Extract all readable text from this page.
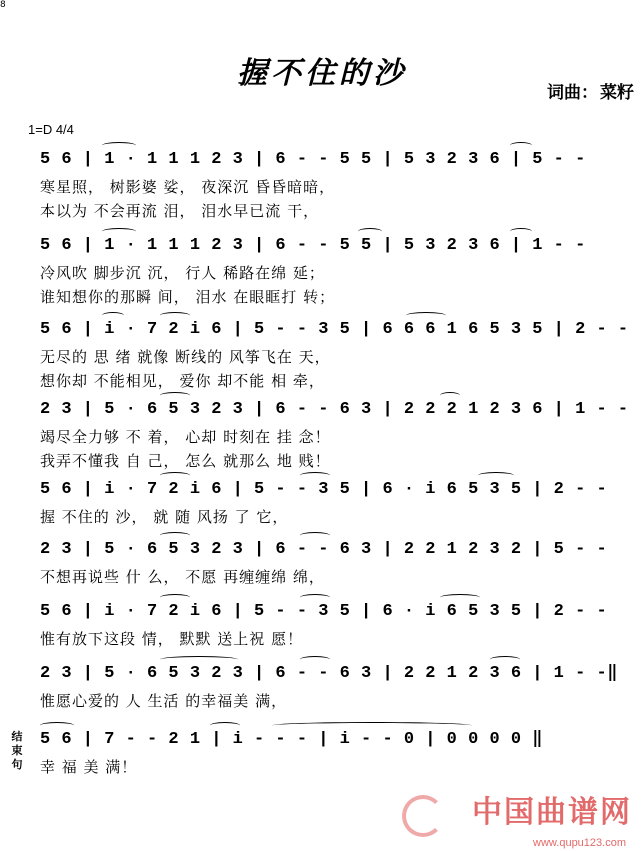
8
握不住的沙
词曲： 菜籽
1=D 4/4
5 6 | 1 · 1 1 1 2 3 | 6 - - 5 5 | 5 3 2 3 6 | 5 - -
寒星照， 树影婆 娑， 夜深沉 昏昏暗暗，
本以为 不会再流 泪， 泪水早已流 干，
5 6 | 1 · 1 1 1 2 3 | 6 - - 5 5 | 5 3 2 3 6 | 1 - -
冷风吹 脚步沉 沉， 行人 稀路在绵 延；
谁知想你的那瞬 间， 泪水 在眼眶打 转；
5 6 | i · 7 2 i 6 | 5 - - 3 5 | 6 6 6 1 6 5 3 5 | 2 - -
无尽的 思 绪 就像 断线的 风筝飞在 天，
想你却 不能相见， 爱你 却不能 相 牵，
2 3 | 5 · 6 5 3 2 3 | 6 - - 6 3 | 2 2 2 1 2 3 6 | 1 - -
竭尽全力够 不 着， 心却 时刻在 挂 念！
我弄不懂我 自 己， 怎么 就那么 地 贱！
5 6 | i · 7 2 i 6 | 5 - - 3 5 | 6 · i 6 5 3 5 | 2 - -
握 不住的 沙， 就 随 风扬 了 它，
2 3 | 5 · 6 5 3 2 3 | 6 - - 6 3 | 2 2 1 2 3 2 | 5 - -
不想再说些 什 么， 不愿 再缠缠绵 绵，
5 6 | i · 7 2 i 6 | 5 - - 3 5 | 6 · i 6 5 3 5 | 2 - -
惟有放下这段 情， 默默 送上祝 愿！
2 3 | 5 · 6 5 3 2 3 | 6 - - 6 3 | 2 2 1 2 3 6 | 1 - -‖
惟愿心爱的 人 生活 的幸福美 满，
5 6 | 7 - - 2 1 | i - - - | i - - 0 | 0 0 0 0 ‖
幸 福 美 满！
结束句
中国曲谱网
www.qupu123.com
